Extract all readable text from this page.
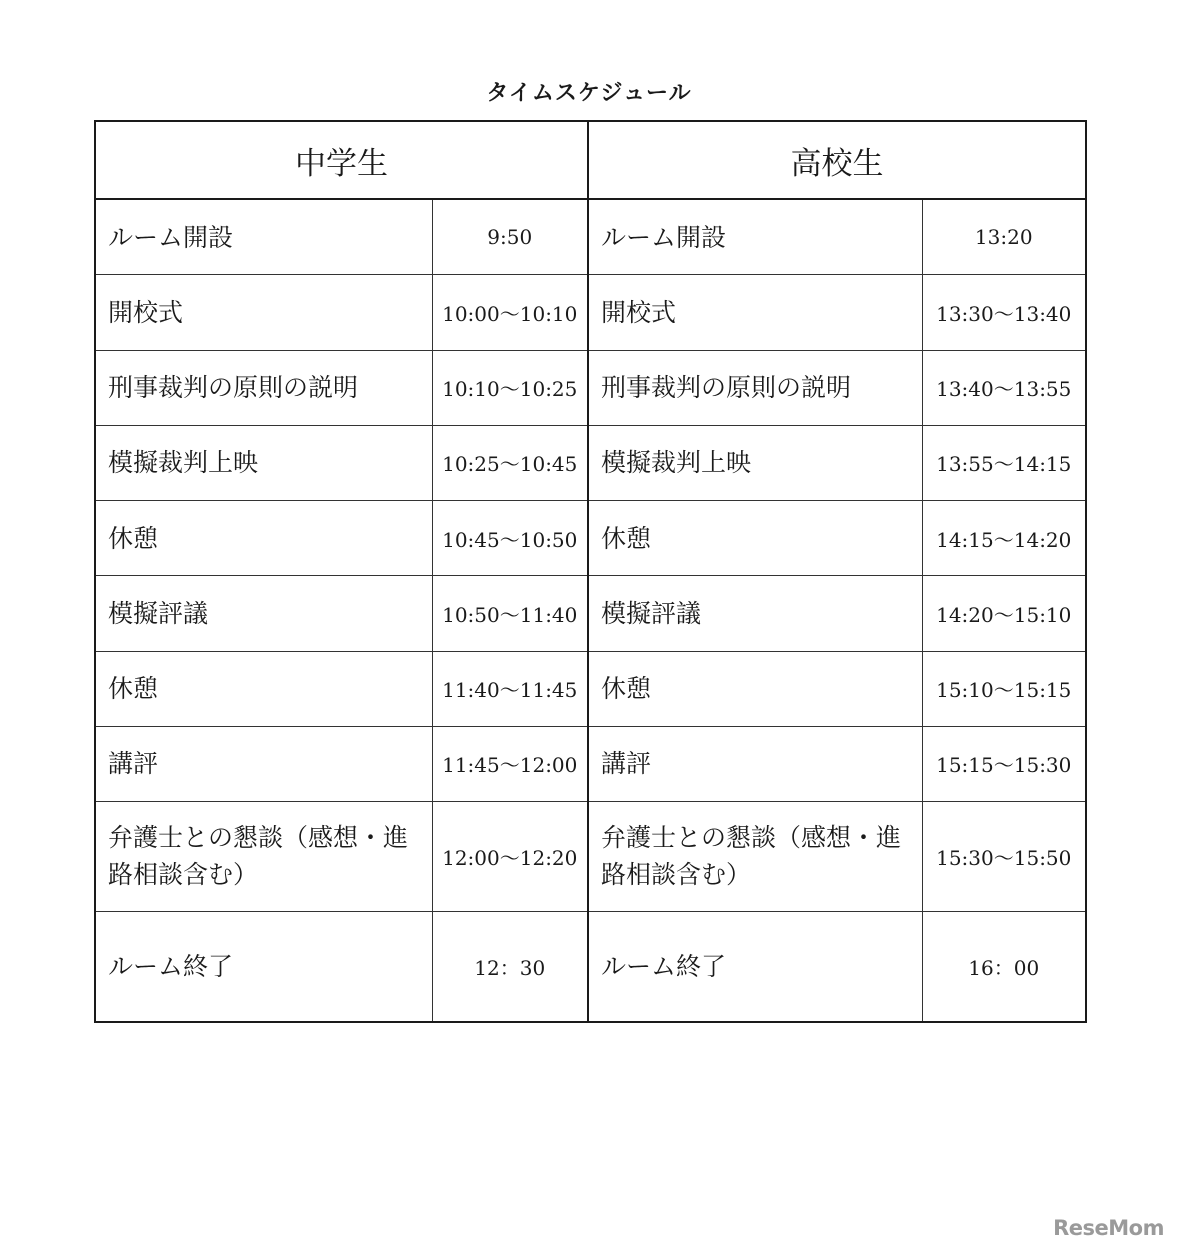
タイムスケジュール
中学生		高校生	
ルーム開設	9:50	ルーム開設	13:20
開校式	10:00～10:10	開校式	13:30～13:40
刑事裁判の原則の説明	10:10～10:25	刑事裁判の原則の説明	13:40～13:55
模擬裁判上映	10:25～10:45	模擬裁判上映	13:55～14:15
休憩	10:45～10:50	休憩	14:15～14:20
模擬評議	10:50～11:40	模擬評議	14:20～15:10
休憩	11:40～11:45	休憩	15:10～15:15
講評	11:45～12:00	講評	15:15～15:30
弁護士との懇談（感想・進路相談含む）	12:00～12:20	弁護士との懇談（感想・進路相談含む）	15:30～15:50
ルーム終了	12：30	ルーム終了	16：00
ReseMom
